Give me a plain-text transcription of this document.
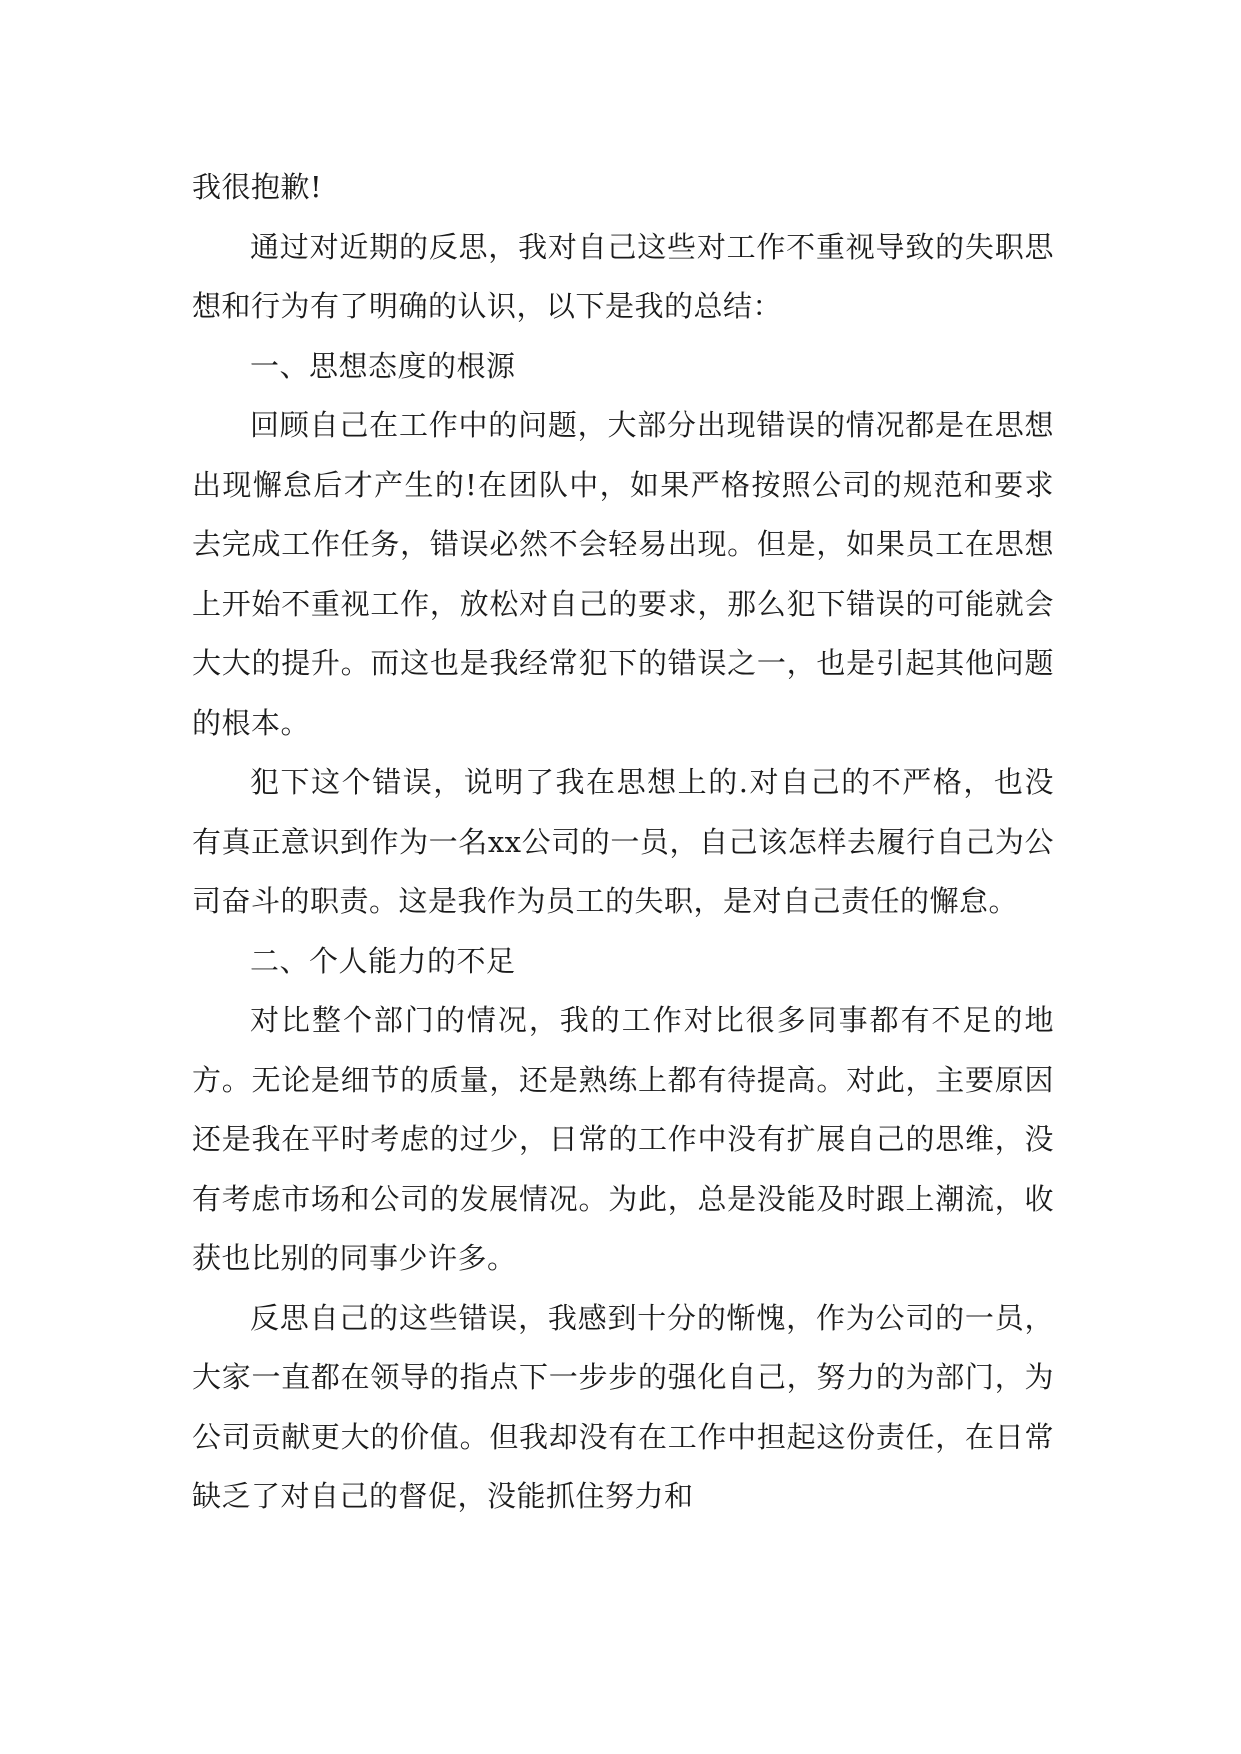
我很抱歉!

通过对近期的反思，我对自己这些对工作不重视导致的失职思想和行为有了明确的认识，以下是我的总结：

一、思想态度的根源

回顾自己在工作中的问题，大部分出现错误的情况都是在思想出现懈怠后才产生的!在团队中，如果严格按照公司的规范和要求去完成工作任务，错误必然不会轻易出现。但是，如果员工在思想上开始不重视工作，放松对自己的要求，那么犯下错误的可能就会大大的提升。而这也是我经常犯下的错误之一，也是引起其他问题的根本。

犯下这个错误，说明了我在思想上的.对自己的不严格，也没有真正意识到作为一名xx公司的一员，自己该怎样去履行自己为公司奋斗的职责。这是我作为员工的失职，是对自己责任的懈怠。

二、个人能力的不足

对比整个部门的情况，我的工作对比很多同事都有不足的地方。无论是细节的质量，还是熟练上都有待提高。对此，主要原因还是我在平时考虑的过少，日常的工作中没有扩展自己的思维，没有考虑市场和公司的发展情况。为此，总是没能及时跟上潮流，收获也比别的同事少许多。

反思自己的这些错误，我感到十分的惭愧，作为公司的一员，大家一直都在领导的指点下一步步的强化自己，努力的为部门，为公司贡献更大的价值。但我却没有在工作中担起这份责任，在日常缺乏了对自己的督促，没能抓住努力和
